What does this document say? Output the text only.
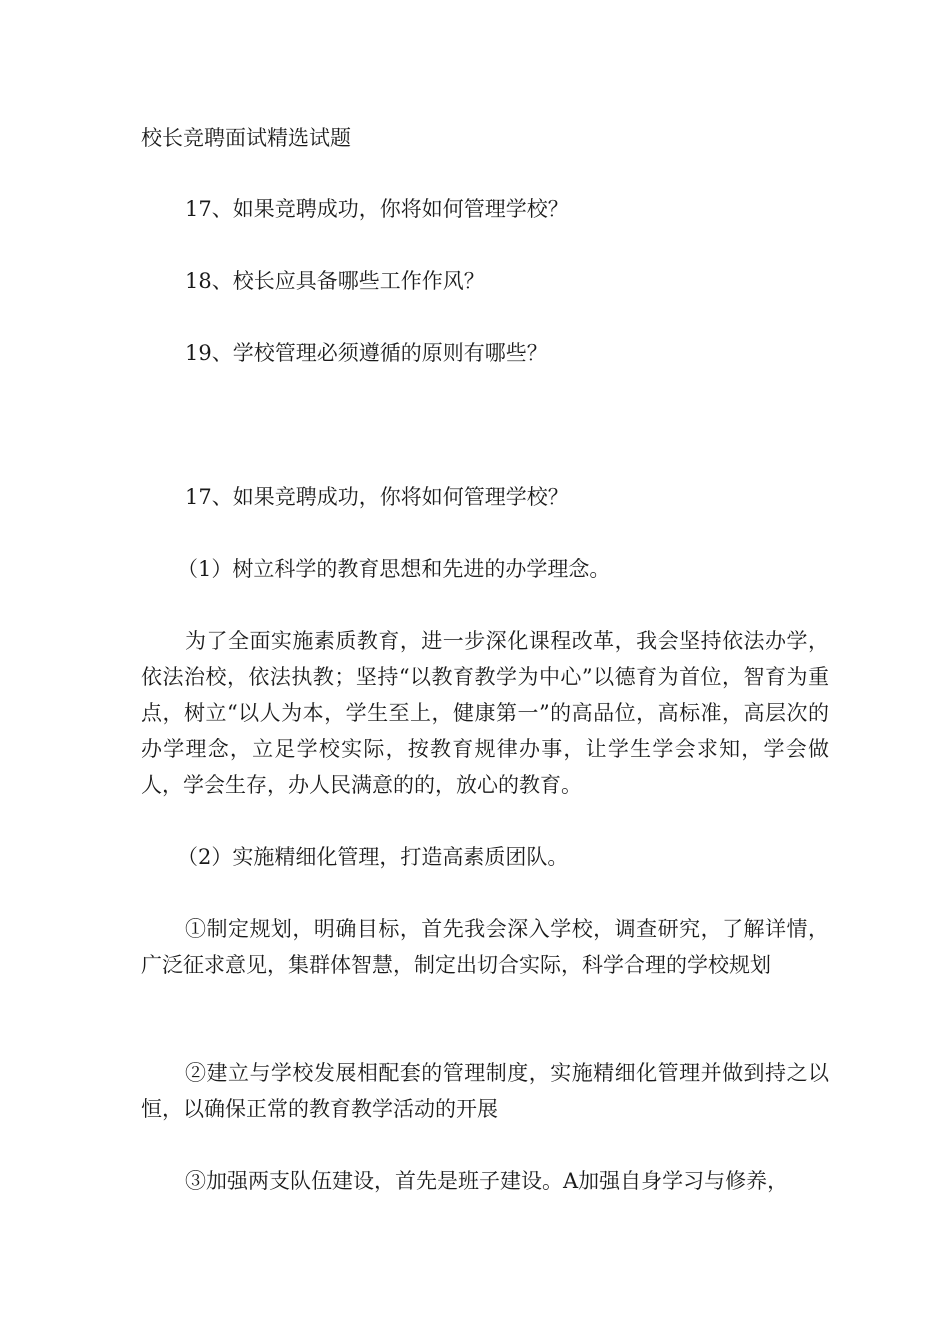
校长竞聘面试精选试题

17、如果竞聘成功，你将如何管理学校？

18、校长应具备哪些工作作风？

19、学校管理必须遵循的原则有哪些？

17、如果竞聘成功，你将如何管理学校？

（1）树立科学的教育思想和先进的办学理念。

为了全面实施素质教育，进一步深化课程改革，我会坚持依法办学，依法治校，依法执教；坚持“以教育教学为中心”以德育为首位，智育为重点，树立“以人为本，学生至上，健康第一”的高品位，高标准，高层次的办学理念，立足学校实际，按教育规律办事，让学生学会求知，学会做人，学会生存，办人民满意的的，放心的教育。

（2）实施精细化管理，打造高素质团队。

①制定规划，明确目标，首先我会深入学校，调查研究，了解详情，广泛征求意见，集群体智慧，制定出切合实际，科学合理的学校规划

②建立与学校发展相配套的管理制度，实施精细化管理并做到持之以恒，以确保正常的教育教学活动的开展

③加强两支队伍建设，首先是班子建设。A加强自身学习与修养，
